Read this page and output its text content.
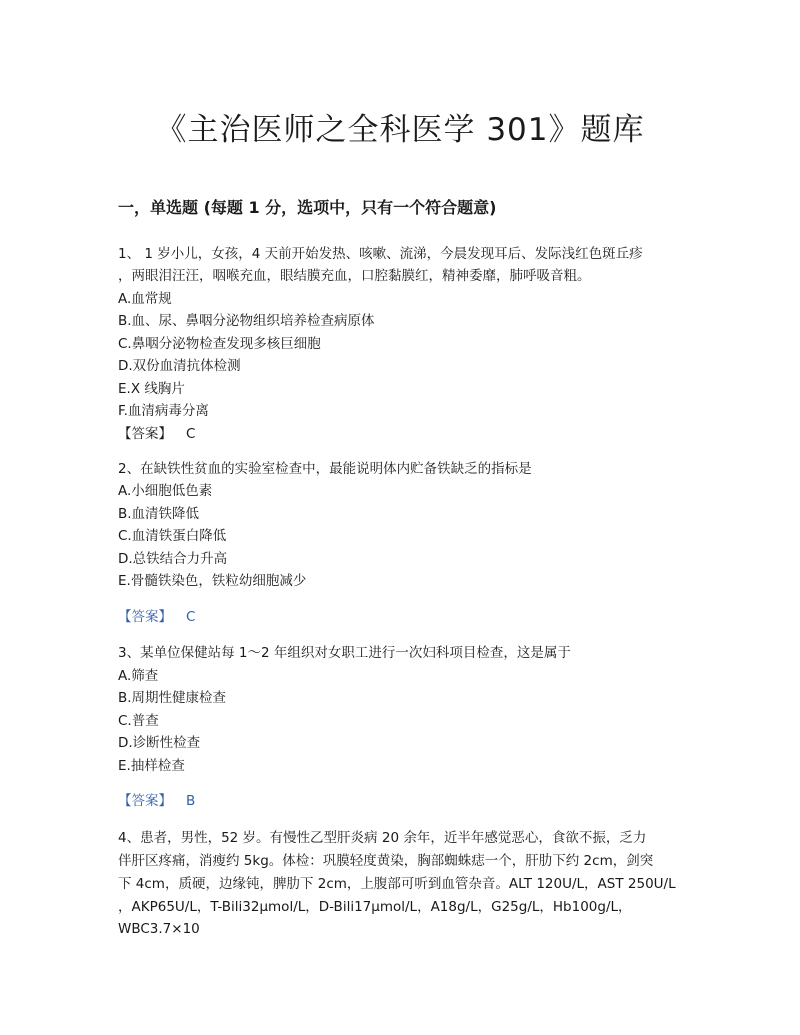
《主治医师之全科医学 301》题库
一，单选题 (每题 1 分，选项中，只有一个符合题意)
1、 1 岁小儿，女孩，4 天前开始发热、咳嗽、流涕，今晨发现耳后、发际浅红色斑丘疹
，两眼泪汪汪，咽喉充血，眼结膜充血，口腔黏膜红，精神委靡，肺呼吸音粗。
A.血常规
B.血、尿、鼻咽分泌物组织培养检查病原体
C.鼻咽分泌物检查发现多核巨细胞
D.双份血清抗体检测
E.X 线胸片
F.血清病毒分离
【答案】 C
2、在缺铁性贫血的实验室检查中，最能说明体内贮备铁缺乏的指标是
A.小细胞低色素
B.血清铁降低
C.血清铁蛋白降低
D.总铁结合力升高
E.骨髓铁染色，铁粒幼细胞减少
【答案】 C
3、某单位保健站每 1～2 年组织对女职工进行一次妇科项目检查，这是属于
A.筛查
B.周期性健康检查
C.普查
D.诊断性检查
E.抽样检查
【答案】 B
4、患者，男性，52 岁。有慢性乙型肝炎病 20 余年，近半年感觉恶心，食欲不振，乏力
伴肝区疼痛，消瘦约 5kg。体检：巩膜轻度黄染，胸部蜘蛛痣一个，肝肋下约 2cm，剑突
下 4cm，质硬，边缘钝，脾肋下 2cm，上腹部可听到血管杂音。ALT 120U/L，AST 250U/L
，AKP65U/L，T-Bili32μmol/L，D-Bili17μmol/L，A18g/L，G25g/L，Hb100g/L，
WBC3.7×10
